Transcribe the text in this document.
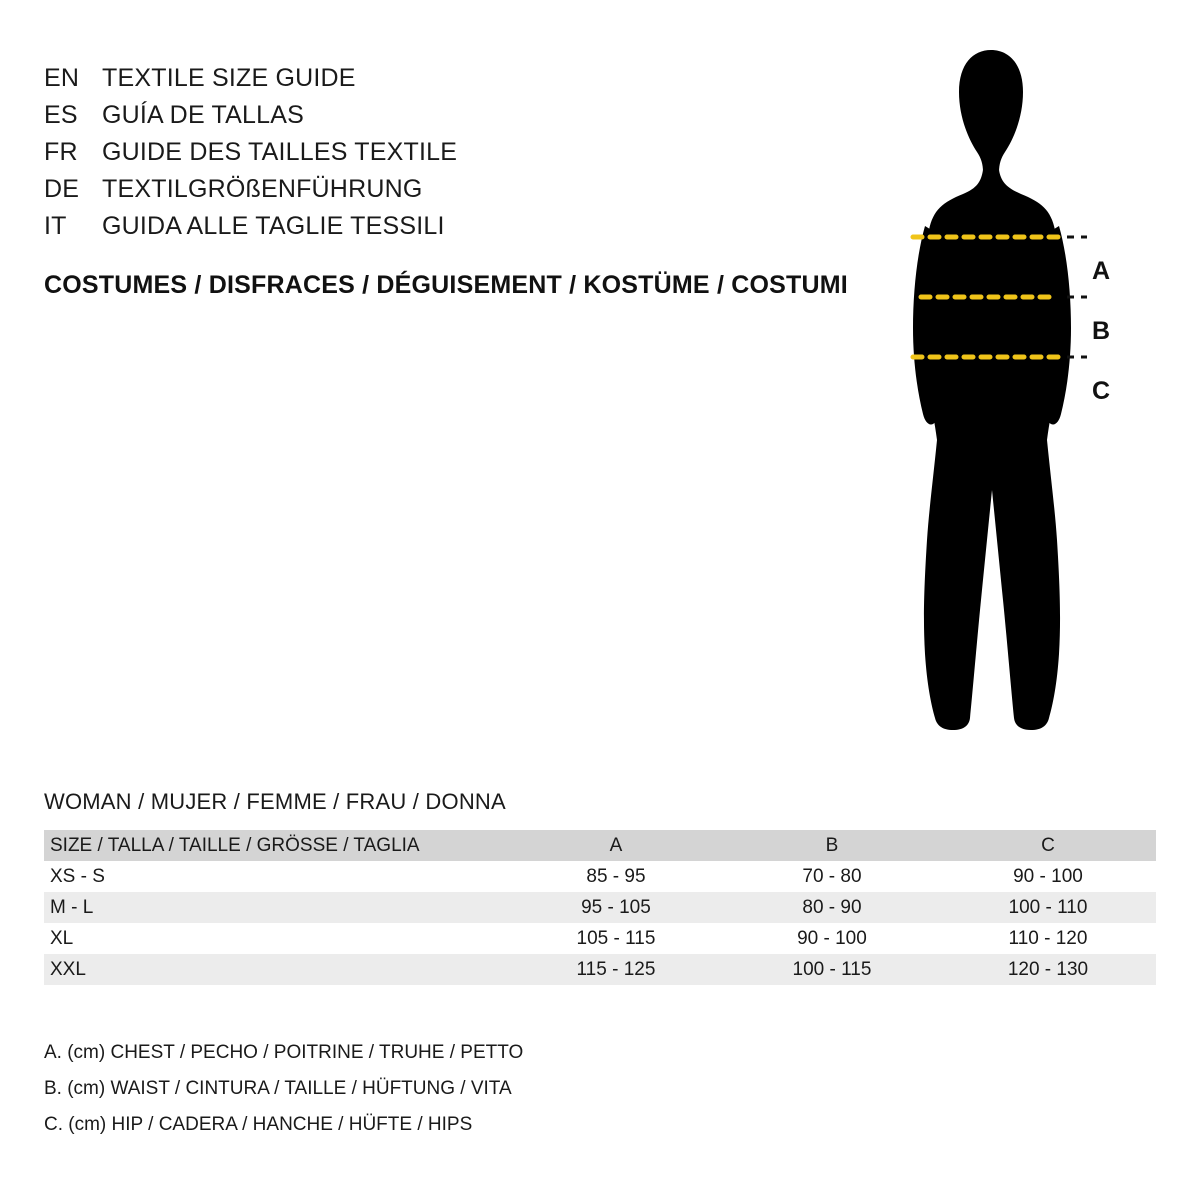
EN TEXTILE SIZE GUIDE
ES GUÍA DE TALLAS
FR GUIDE DES TAILLES TEXTILE
DE TEXTILGRÖßENFÜHRUNG
IT	GUIDA ALLE TAGLIE TESSILI
COSTUMES / DISFRACES / DÉGUISEMENT / KOSTÜME / COSTUMI	A
B
C
WOMAN / MUJER / FEMME / FRAU / DONNA
SIZE / TALLA / TAILLE / GRÖSSE / TAGLIA	A	B	C
XS - S	85 - 95	70 - 80	90 - 100
M - L	95 - 105	80 - 90	100 - 110
XL	105 - 115	90 - 100	110 - 120
XXL	115 - 125	100 - 115	120 - 130
A. (cm) CHEST / PECHO / POITRINE / TRUHE / PETTO
B. (cm) WAIST / CINTURA / TAILLE / HÜFTUNG / VITA
C. (cm) HIP / CADERA / HANCHE / HÜFTE / HIPS
